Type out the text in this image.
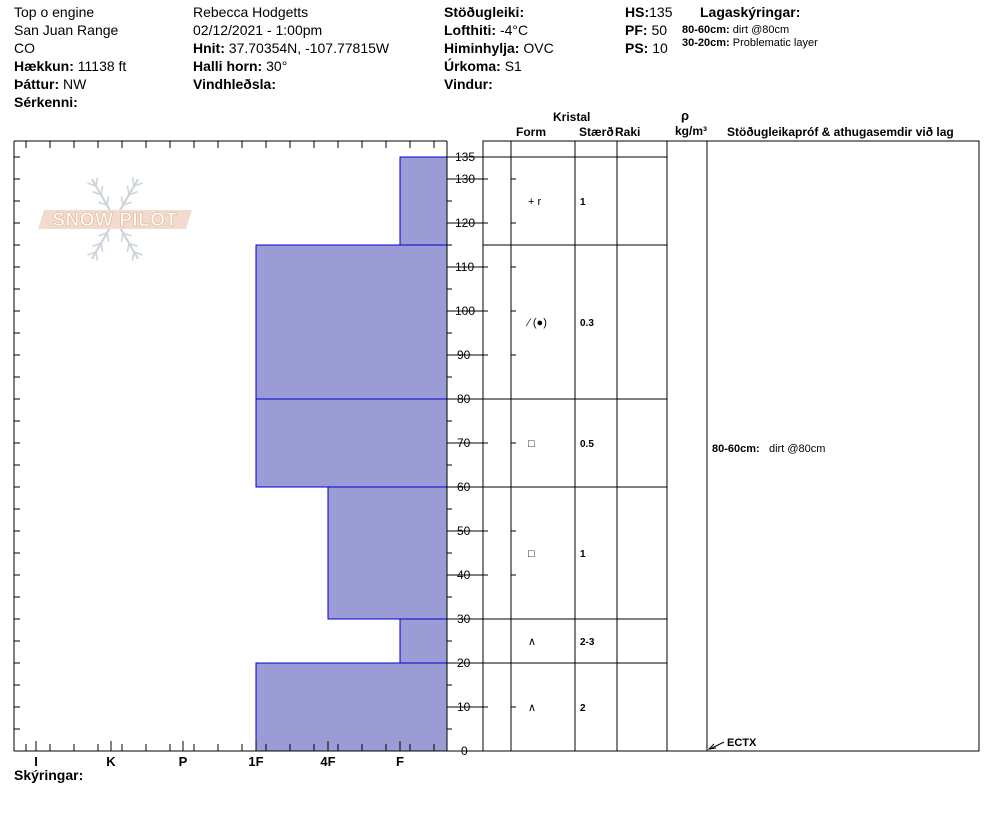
Top o engine
San Juan Range
CO
Hækkun: 11138 ft
Þáttur: NW
Sérkenni:
Rebecca Hodgetts
02/12/2021 - 1:00pm
Hnit: 37.70354N, -107.77815W
Halli horn: 30°
Vindhleðsla:
Stöðugleiki:
Lofthiti: -4°C
Himinhylja: OVC
Úrkoma: S1
Vindur:
HS:135
PF: 50
PS: 10
Lagaskýringar:
80-60cm: dirt @80cm
30-20cm: Problematic layer
Kristal
Form	Stærð Raki
ρ
kg/m³ Stöðugleikapróf & athugasemdir við lag
SNOW PILOT
I	K	P	1F	4F	F
0
10
20
30
40
50
60
70
80
90
100
110
120
130
135
+ r	1
⁄ (●)	0.3
□	0.5
□	1
∧	2-3
∧	2
80-60cm: dirt @80cm
ECTX
Skýringar:
